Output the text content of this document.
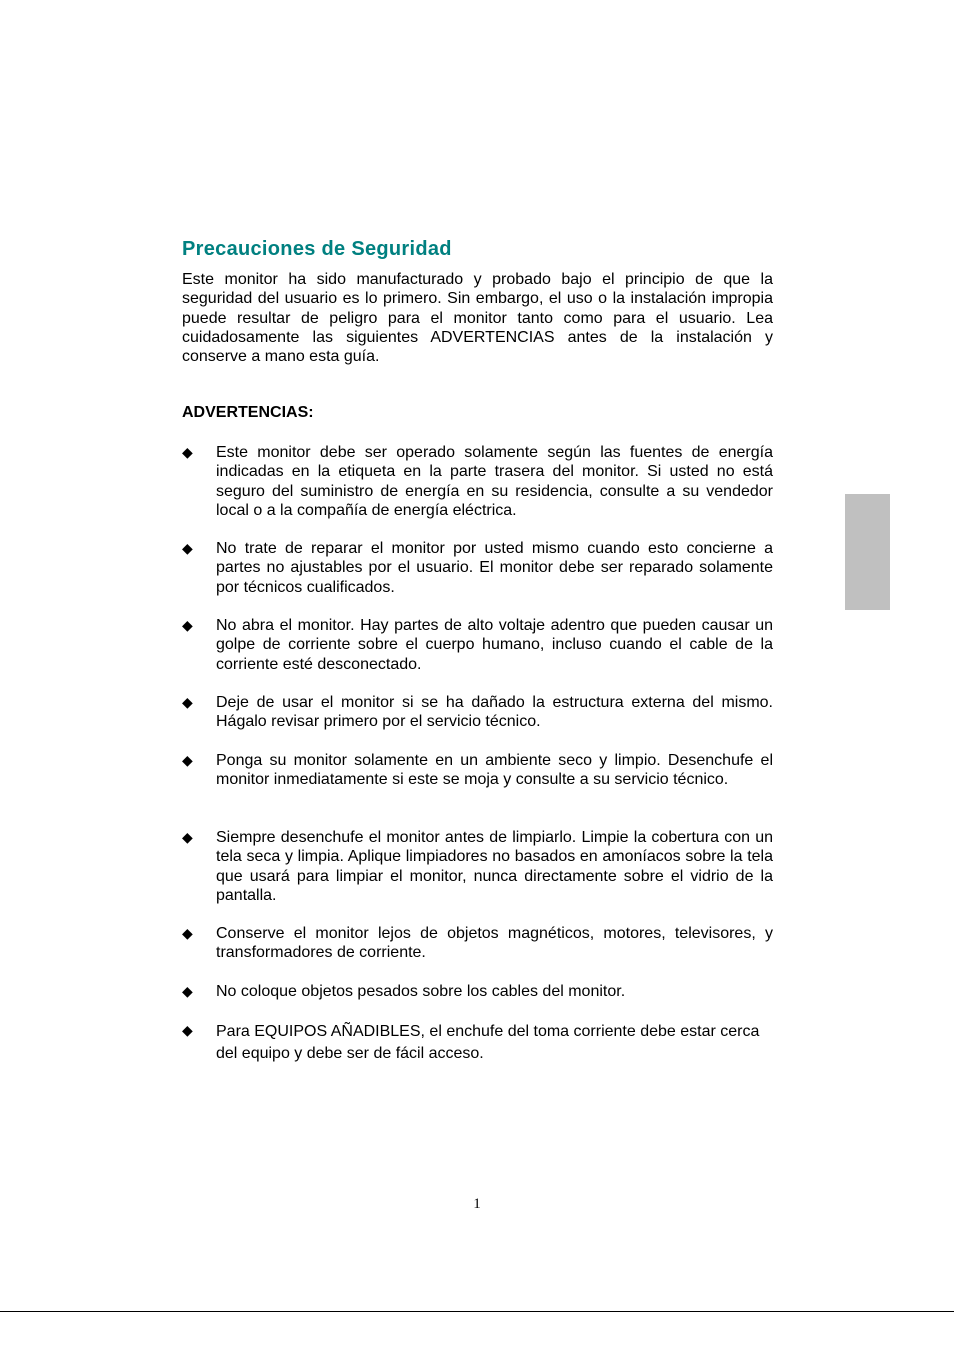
Precauciones de Seguridad

Este monitor ha sido manufacturado y probado bajo el principio de que la seguridad del usuario es lo primero. Sin embargo, el uso o la instalación impropia puede resultar de peligro para el monitor tanto como para el usuario. Lea cuidadosamente las siguientes ADVERTENCIAS antes de la instalación y conserve a mano esta guía.

ADVERTENCIAS:

◆ Este monitor debe ser operado solamente según las fuentes de energía indicadas en la etiqueta en la parte trasera del monitor. Si usted no está seguro del suministro de energía en su residencia, consulte a su vendedor local o a la compañía de energía eléctrica.
◆ No trate de reparar el monitor por usted mismo cuando esto concierne a partes no ajustables por el usuario. El monitor debe ser reparado solamente por técnicos cualificados.
◆ No abra el monitor. Hay partes de alto voltaje adentro que pueden causar un golpe de corriente sobre el cuerpo humano, incluso cuando el cable de la corriente esté desconectado.
◆ Deje de usar el monitor si se ha dañado la estructura externa del mismo. Hágalo revisar primero por el servicio técnico.
◆ Ponga su monitor solamente en un ambiente seco y limpio. Desenchufe el monitor inmediatamente si este se moja y consulte a su servicio técnico.
◆ Siempre desenchufe el monitor antes de limpiarlo. Limpie la cobertura con un tela seca y limpia. Aplique limpiadores no basados en amoníacos sobre la tela que usará para limpiar el monitor, nunca directamente sobre el vidrio de la pantalla.
◆ Conserve el monitor lejos de objetos magnéticos, motores, televisores, y transformadores de corriente.
◆ No coloque objetos pesados sobre los cables del monitor.
◆ Para EQUIPOS AÑADIBLES, el enchufe del toma corriente debe estar cerca del equipo y debe ser de fácil acceso.
1
